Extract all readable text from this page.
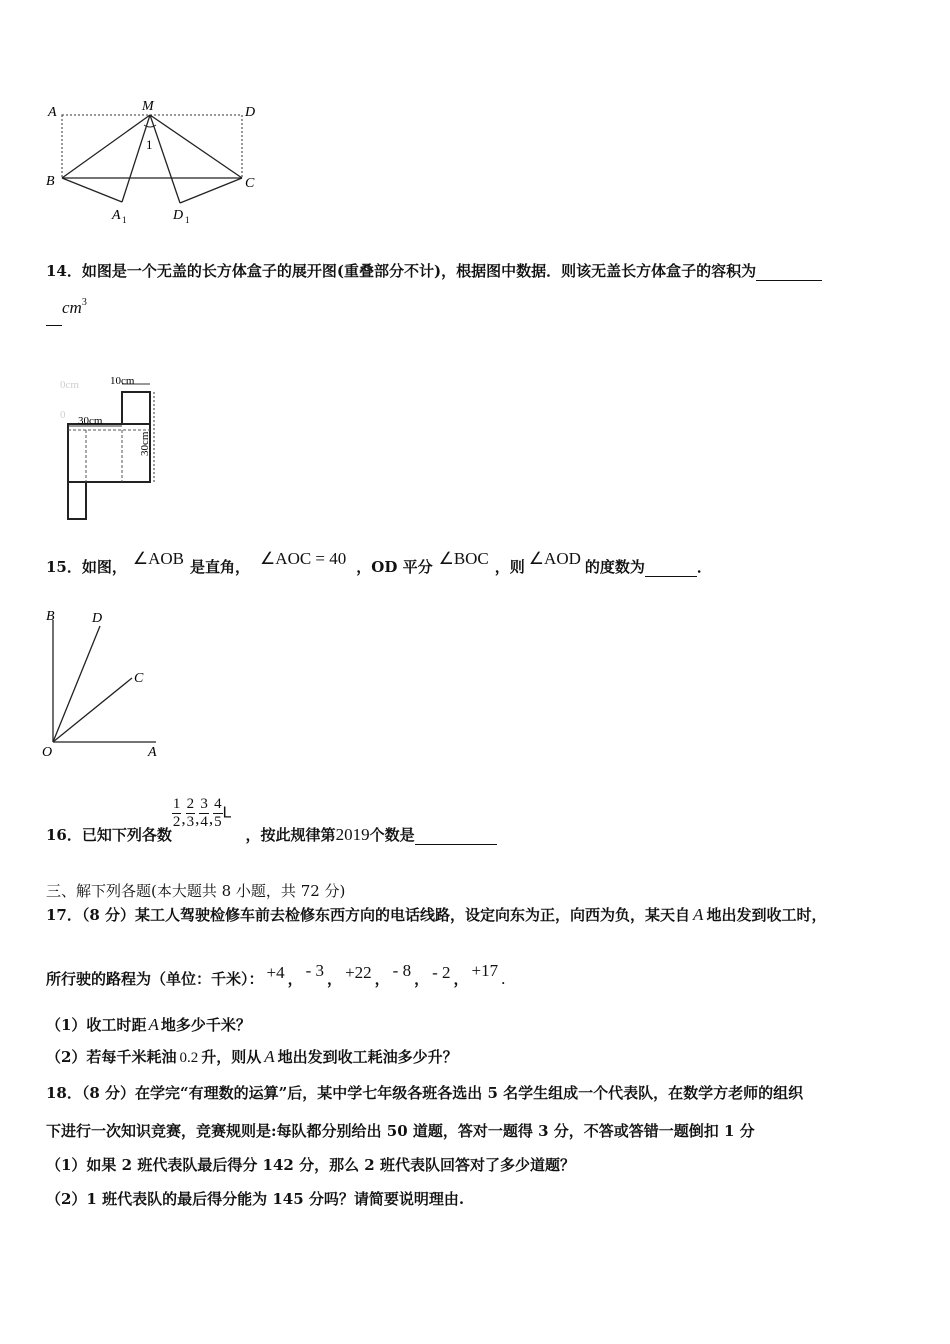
A	M	D
B	C
1
A 1	D 1
14．如图是一个无盖的长方体盒子的展开图(重叠部分不计)，根据图中数据．则该无盖长方体盒子的容积为
$cm^3$
10cm
30cm
30cm
0cm
0
15．如图， ∠AOB 是直角， ∠AOC = 40 ，OD 平分 ∠BOC ，则 ∠AOD 的度数为	．
B	D
C
O	A
16．已知下列各数
$\frac{1}{2}$ , $\frac{2}{3}$ , $\frac{3}{4}$ , $\frac{4}{5}$ L，按此规律第2019个数是
三、解下列各题(本大题共 8 小题，共 72 分)
17．（8 分）某工人驾驶检修车前去检修东西方向的电话线路，设定向东为正，向西为负，某天自 A 地出发到收工时，
所行驶的路程为（单位：千米）： +4 ， - 3 ， +22 ， - 8 ， - 2 ， +17 .
（1）收工时距 A 地多少千米？
（2）若每千米耗油 0.2 升，则从 A 地出发到收工耗油多少升？
18．（8 分）在学完“有理数的运算”后，某中学七年级各班各选出 5 名学生组成一个代表队，在数学方老师的组织
下进行一次知识竞赛，竞赛规则是:每队都分别给出 50 道题，答对一题得 3 分，不答或答错一题倒扣 1 分
（1）如果 2 班代表队最后得分 142 分，那么 2 班代表队回答对了多少道题？
（2）1 班代表队的最后得分能为 145 分吗？请简要说明理由.
